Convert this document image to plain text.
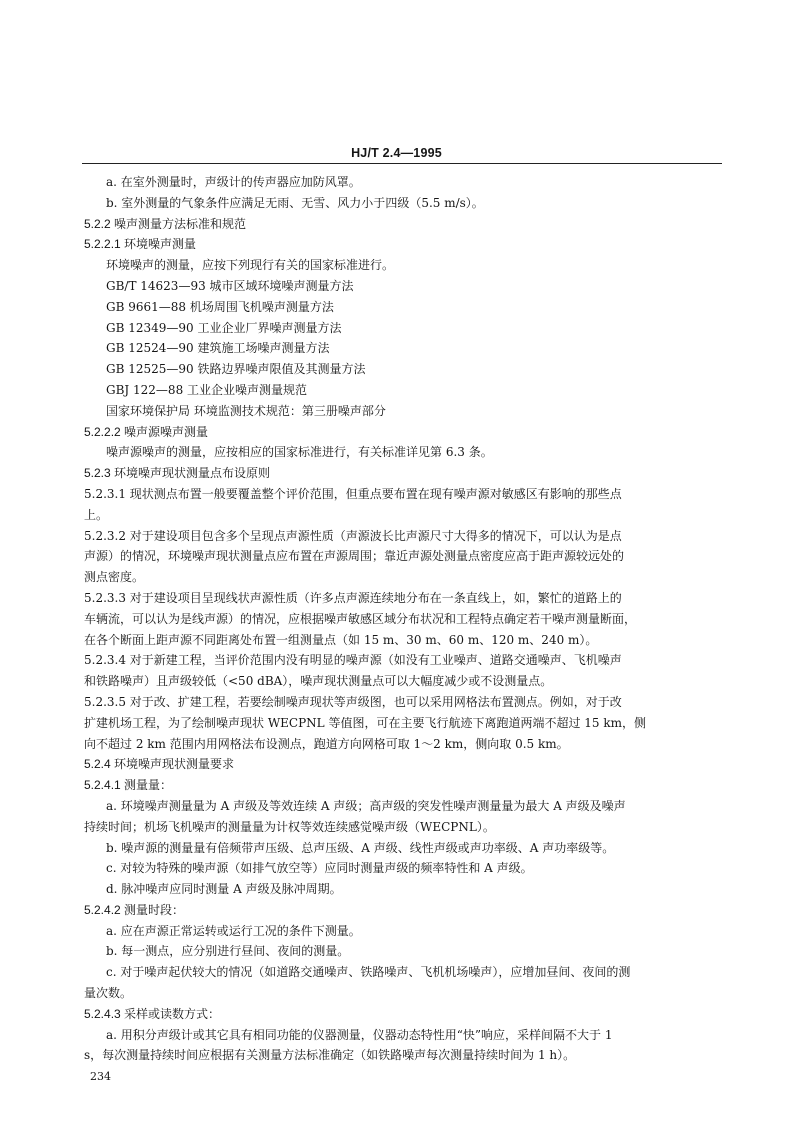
HJ/T 2.4—1995
a. 在室外测量时，声级计的传声器应加防风罩。
b. 室外测量的气象条件应满足无雨、无雪、风力小于四级（5.5 m/s）。
5.2.2 噪声测量方法标准和规范
5.2.2.1 环境噪声测量
环境噪声的测量，应按下列现行有关的国家标准进行。
GB/T 14623—93 城市区域环境噪声测量方法
GB 9661—88 机场周围飞机噪声测量方法
GB 12349—90 工业企业厂界噪声测量方法
GB 12524—90 建筑施工场噪声测量方法
GB 12525—90 铁路边界噪声限值及其测量方法
GBJ 122—88 工业企业噪声测量规范
国家环境保护局 环境监测技术规范：第三册噪声部分
5.2.2.2 噪声源噪声测量
噪声源噪声的测量，应按相应的国家标准进行，有关标准详见第 6.3 条。
5.2.3 环境噪声现状测量点布设原则
5.2.3.1 现状测点布置一般要覆盖整个评价范围，但重点要布置在现有噪声源对敏感区有影响的那些点
上。
5.2.3.2 对于建设项目包含多个呈现点声源性质（声源波长比声源尺寸大得多的情况下，可以认为是点
声源）的情况，环境噪声现状测量点应布置在声源周围；靠近声源处测量点密度应高于距声源较远处的
测点密度。
5.2.3.3 对于建设项目呈现线状声源性质（许多点声源连续地分布在一条直线上，如，繁忙的道路上的
车辆流，可以认为是线声源）的情况，应根据噪声敏感区域分布状况和工程特点确定若干噪声测量断面，
在各个断面上距声源不同距离处布置一组测量点（如 15 m、30 m、60 m、120 m、240 m）。
5.2.3.4 对于新建工程，当评价范围内没有明显的噪声源（如没有工业噪声、道路交通噪声、飞机噪声
和铁路噪声）且声级较低（<50 dBA），噪声现状测量点可以大幅度减少或不设测量点。
5.2.3.5 对于改、扩建工程，若要绘制噪声现状等声级图，也可以采用网格法布置测点。例如，对于改
扩建机场工程，为了绘制噪声现状 WECPNL 等值图，可在主要飞行航迹下离跑道两端不超过 15 km，侧
向不超过 2 km 范围内用网格法布设测点，跑道方向网格可取 1～2 km，侧向取 0.5 km。
5.2.4 环境噪声现状测量要求
5.2.4.1 测量量：
a. 环境噪声测量量为 A 声级及等效连续 A 声级；高声级的突发性噪声测量量为最大 A 声级及噪声
持续时间；机场飞机噪声的测量量为计权等效连续感觉噪声级（WECPNL）。
b. 噪声源的测量量有倍频带声压级、总声压级、A 声级、线性声级或声功率级、A 声功率级等。
c. 对较为特殊的噪声源（如排气放空等）应同时测量声级的频率特性和 A 声级。
d. 脉冲噪声应同时测量 A 声级及脉冲周期。
5.2.4.2 测量时段：
a. 应在声源正常运转或运行工况的条件下测量。
b. 每一测点，应分别进行昼间、夜间的测量。
c. 对于噪声起伏较大的情况（如道路交通噪声、铁路噪声、飞机机场噪声），应增加昼间、夜间的测
量次数。
5.2.4.3 采样或读数方式：
a. 用积分声级计或其它具有相同功能的仪器测量，仪器动态特性用“快”响应，采样间隔不大于 1
s，每次测量持续时间应根据有关测量方法标准确定（如铁路噪声每次测量持续时间为 1 h）。
234
